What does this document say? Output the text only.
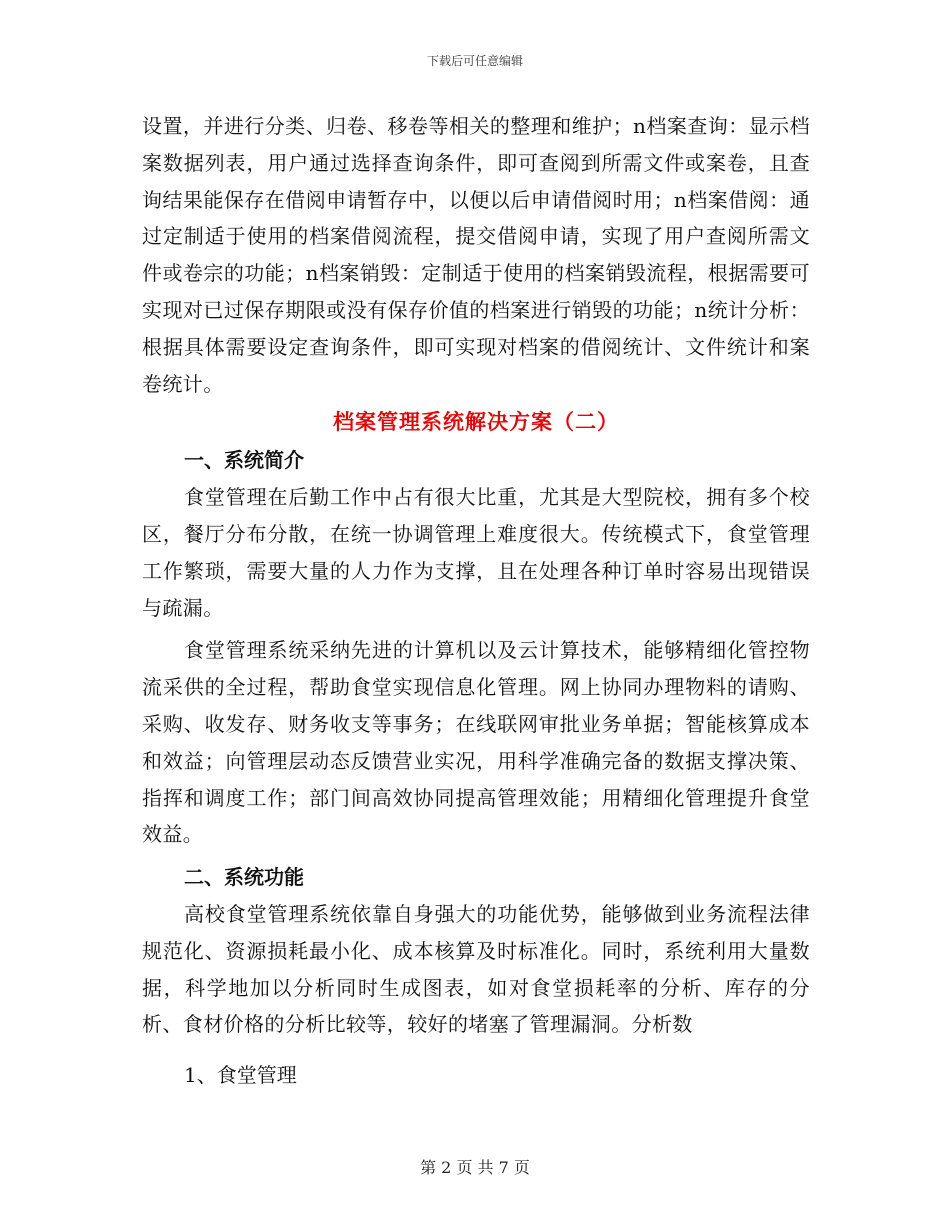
下载后可任意编辑

设置，并进行分类、归卷、移卷等相关的整理和维护；n档案查询：显示档案数据列表，用户通过选择查询条件，即可查阅到所需文件或案卷，且查询结果能保存在借阅申请暂存中，以便以后申请借阅时用；n档案借阅：通过定制适于使用的档案借阅流程，提交借阅申请，实现了用户查阅所需文件或卷宗的功能；n档案销毁：定制适于使用的档案销毁流程，根据需要可实现对已过保存期限或没有保存价值的档案进行销毁的功能；n统计分析：根据具体需要设定查询条件，即可实现对档案的借阅统计、文件统计和案卷统计。

档案管理系统解决方案（二）
一、系统简介

食堂管理在后勤工作中占有很大比重，尤其是大型院校，拥有多个校区，餐厅分布分散，在统一协调管理上难度很大。传统模式下，食堂管理工作繁琐，需要大量的人力作为支撑，且在处理各种订单时容易出现错误与疏漏。

食堂管理系统采纳先进的计算机以及云计算技术，能够精细化管控物流采供的全过程，帮助食堂实现信息化管理。网上协同办理物料的请购、采购、收发存、财务收支等事务；在线联网审批业务单据；智能核算成本和效益；向管理层动态反馈营业实况，用科学准确完备的数据支撑决策、指挥和调度工作；部门间高效协同提高管理效能；用精细化管理提升食堂效益。

二、系统功能

高校食堂管理系统依靠自身强大的功能优势，能够做到业务流程法律规范化、资源损耗最小化、成本核算及时标准化。同时，系统利用大量数据，科学地加以分析同时生成图表，如对食堂损耗率的分析、库存的分析、食材价格的分析比较等，较好的堵塞了管理漏洞。分析数

1、食堂管理

第 2 页 共 7 页
